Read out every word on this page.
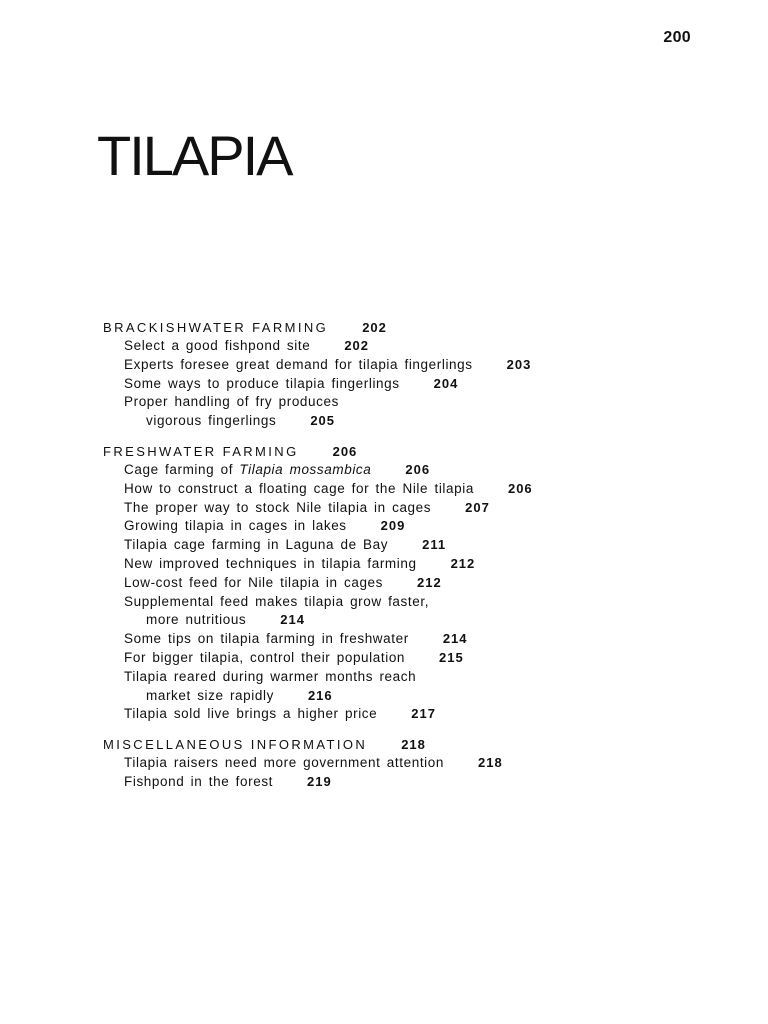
200
TILAPIA
BRACKISHWATER FARMING	202
Select a good fishpond site	202
Experts foresee great demand for tilapia fingerlings	203
Some ways to produce tilapia fingerlings	204
Proper handling of fry produces
vigorous fingerlings	205
FRESHWATER FARMING	206
Cage farming of Tilapia mossambica	206
How to construct a floating cage for the Nile tilapia	206
The proper way to stock Nile tilapia in cages	207
Growing tilapia in cages in lakes	209
Tilapia cage farming in Laguna de Bay	211
New improved techniques in tilapia farming	212
Low-cost feed for Nile tilapia in cages	212
Supplemental feed makes tilapia grow faster,
more nutritious	214
Some tips on tilapia farming in freshwater	214
For bigger tilapia, control their population	215
Tilapia reared during warmer months reach
market size rapidly	216
Tilapia sold live brings a higher price	217
MISCELLANEOUS INFORMATION	218
Tilapia raisers need more government attention	218
Fishpond in the forest	219
